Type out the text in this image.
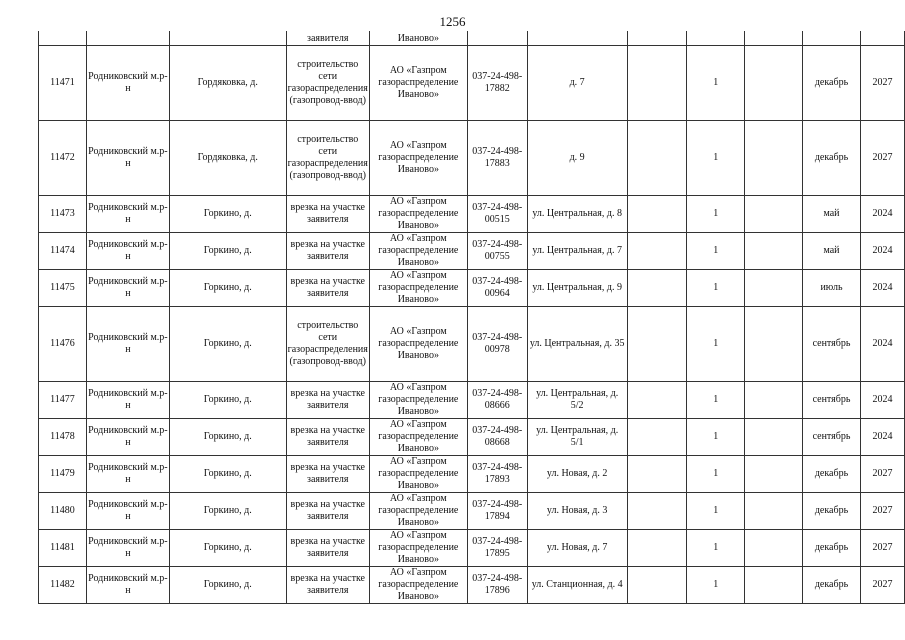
1256
			заявителя	Иваново»							
11471	Родниковский м.р-н	Гордяковка, д.	строительство сети газораспределения (газопровод-ввод)	АО «Газпром газораспределение Иваново»	037-24-498-17882	д. 7		1		декабрь	2027
11472	Родниковский м.р-н	Гордяковка, д.	строительство сети газораспределения (газопровод-ввод)	АО «Газпром газораспределение Иваново»	037-24-498-17883	д. 9		1		декабрь	2027
11473	Родниковский м.р-н	Горкино, д.	врезка на участке заявителя	АО «Газпром газораспределение Иваново»	037-24-498-00515	ул. Центральная, д. 8		1		май	2024
11474	Родниковский м.р-н	Горкино, д.	врезка на участке заявителя	АО «Газпром газораспределение Иваново»	037-24-498-00755	ул. Центральная, д. 7		1		май	2024
11475	Родниковский м.р-н	Горкино, д.	врезка на участке заявителя	АО «Газпром газораспределение Иваново»	037-24-498-00964	ул. Центральная, д. 9		1		июль	2024
11476	Родниковский м.р-н	Горкино, д.	строительство сети газораспределения (газопровод-ввод)	АО «Газпром газораспределение Иваново»	037-24-498-00978	ул. Центральная, д. 35		1		сентябрь	2024
11477	Родниковский м.р-н	Горкино, д.	врезка на участке заявителя	АО «Газпром газораспределение Иваново»	037-24-498-08666	ул. Центральная, д. 5/2		1		сентябрь	2024
11478	Родниковский м.р-н	Горкино, д.	врезка на участке заявителя	АО «Газпром газораспределение Иваново»	037-24-498-08668	ул. Центральная, д. 5/1		1		сентябрь	2024
11479	Родниковский м.р-н	Горкино, д.	врезка на участке заявителя	АО «Газпром газораспределение Иваново»	037-24-498-17893	ул. Новая, д. 2		1		декабрь	2027
11480	Родниковский м.р-н	Горкино, д.	врезка на участке заявителя	АО «Газпром газораспределение Иваново»	037-24-498-17894	ул. Новая, д. 3		1		декабрь	2027
11481	Родниковский м.р-н	Горкино, д.	врезка на участке заявителя	АО «Газпром газораспределение Иваново»	037-24-498-17895	ул. Новая, д. 7		1		декабрь	2027
11482	Родниковский м.р-н	Горкино, д.	врезка на участке заявителя	АО «Газпром газораспределение Иваново»	037-24-498-17896	ул. Станционная, д. 4		1		декабрь	2027
